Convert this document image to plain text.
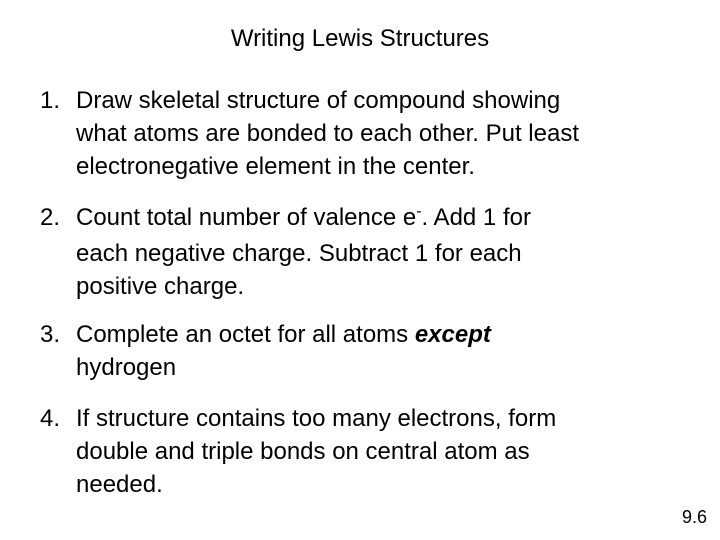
Writing Lewis Structures
1. Draw skeletal structure of compound showing
what atoms are bonded to each other. Put least
electronegative element in the center.
2. Count total number of valence e-. Add 1 for
each negative charge. Subtract 1 for each
positive charge.
3. Complete an octet for all atoms except
hydrogen
4. If structure contains too many electrons, form
double and triple bonds on central atom as
needed.
9.6
